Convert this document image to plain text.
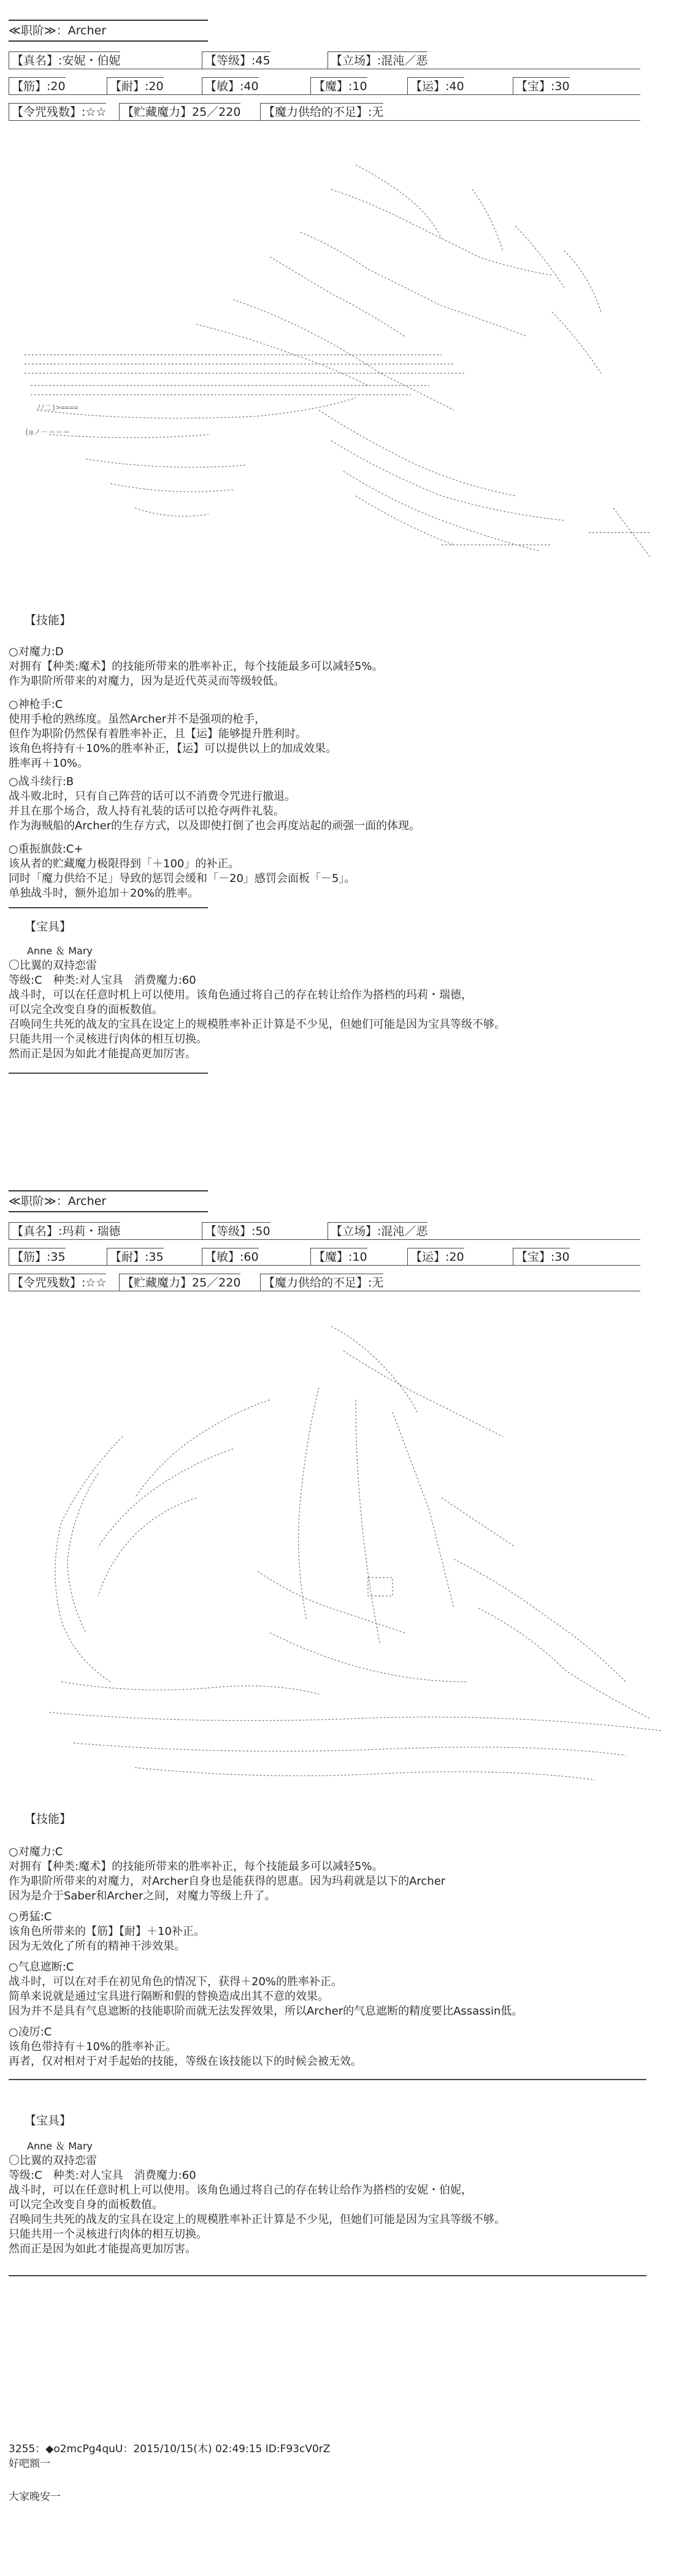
≪职阶≫：Archer
【真名】:安妮・伯妮	【等级】:45	【立场】:混沌／恶
【筋】:20	【耐】:20	【敏】:40	【魔】:10	【运】:40	【宝】:30
【令咒残数】:☆☆ 【贮藏魔力】25／220 【魔力供给的不足】:无

(◎ノ－＝＝＝
ﾉﾉ二)>====

【技能】
○对魔力:D
对拥有【种类:魔术】的技能所带来的胜率补正，每个技能最多可以减轻5%。
作为职阶所带来的对魔力，因为是近代英灵而等级较低。
○神枪手:C
使用手枪的熟练度。虽然Archer并不是强项的枪手，
但作为职阶仍然保有着胜率补正，且【运】能够提升胜利时。
该角色将持有＋10%的胜率补正，【运】可以提供以上的加成效果。
胜率再＋10%。
○战斗续行:B
战斗败北时，只有自己阵营的话可以不消费令咒进行撤退。
并且在那个场合，敌人持有礼装的话可以抢夺两件礼装。
作为海贼船的Archer的生存方式，以及即使打倒了也会再度站起的顽强一面的体现。
○重振旗鼓:C+
该从者的贮藏魔力极限得到「＋100」的补正。
同时「魔力供给不足」导致的惩罚会缓和「－20」感罚会面板「－5」。
单独战斗时，额外追加＋20%的胜率。
【宝具】
Anne ＆ Mary
〇比翼的双持恋雷
等级:C　种类:对人宝具　消费魔力:60
战斗时，可以在任意时机上可以使用。该角色通过将自己的存在转让给作为搭档的玛莉・瑞德，
可以完全改变自身的面板数值。
召唤同生共死的战友的宝具在设定上的规模胜率补正计算是不少见，但她们可能是因为宝具等级不够。
只能共用一个灵核进行肉体的相互切换。
然而正是因为如此才能提高更加厉害。
≪职阶≫：Archer
【真名】:玛莉・瑞德	【等级】:50	【立场】:混沌／恶
【筋】:35	【耐】:35	【敏】:60	【魔】:10	【运】:20	【宝】:30
【令咒残数】:☆☆ 【贮藏魔力】25／220 【魔力供给的不足】:无

【技能】
○对魔力:C
对拥有【种类:魔术】的技能所带来的胜率补正，每个技能最多可以减轻5%。
作为职阶所带来的对魔力，对Archer自身也是能获得的恩惠。因为玛莉就是以下的Archer
因为是介于Saber和Archer之间，对魔力等级上升了。
○勇猛:C
该角色所带来的【筋】【耐】＋10补正。
因为无效化了所有的精神干涉效果。
○气息遮断:C
战斗时，可以在对手在初见角色的情况下，获得＋20%的胜率补正。
简单来说就是通过宝具进行隔断和假的替换造成出其不意的效果。
因为并不是具有气息遮断的技能职阶而就无法发挥效果，所以Archer的气息遮断的精度要比Assassin低。
○凌厉:C
该角色带持有＋10%的胜率补正。
再者，仅对相对于对手起始的技能，等级在该技能以下的时候会被无效。
【宝具】
Anne ＆ Mary
〇比翼的双持恋雷
等级:C　种类:对人宝具　消费魔力:60
战斗时，可以在任意时机上可以使用。该角色通过将自己的存在转让给作为搭档的安妮・伯妮，
可以完全改变自身的面板数值。
召唤同生共死的战友的宝具在设定上的规模胜率补正计算是不少见，但她们可能是因为宝具等级不够。
只能共用一个灵核进行肉体的相互切换。
然而正是因为如此才能提高更加厉害。
3255：◆o2mcPg4quU：2015/10/15(木) 02:49:15 ID:F93cV0rZ
好吧额一
大家晚安一
